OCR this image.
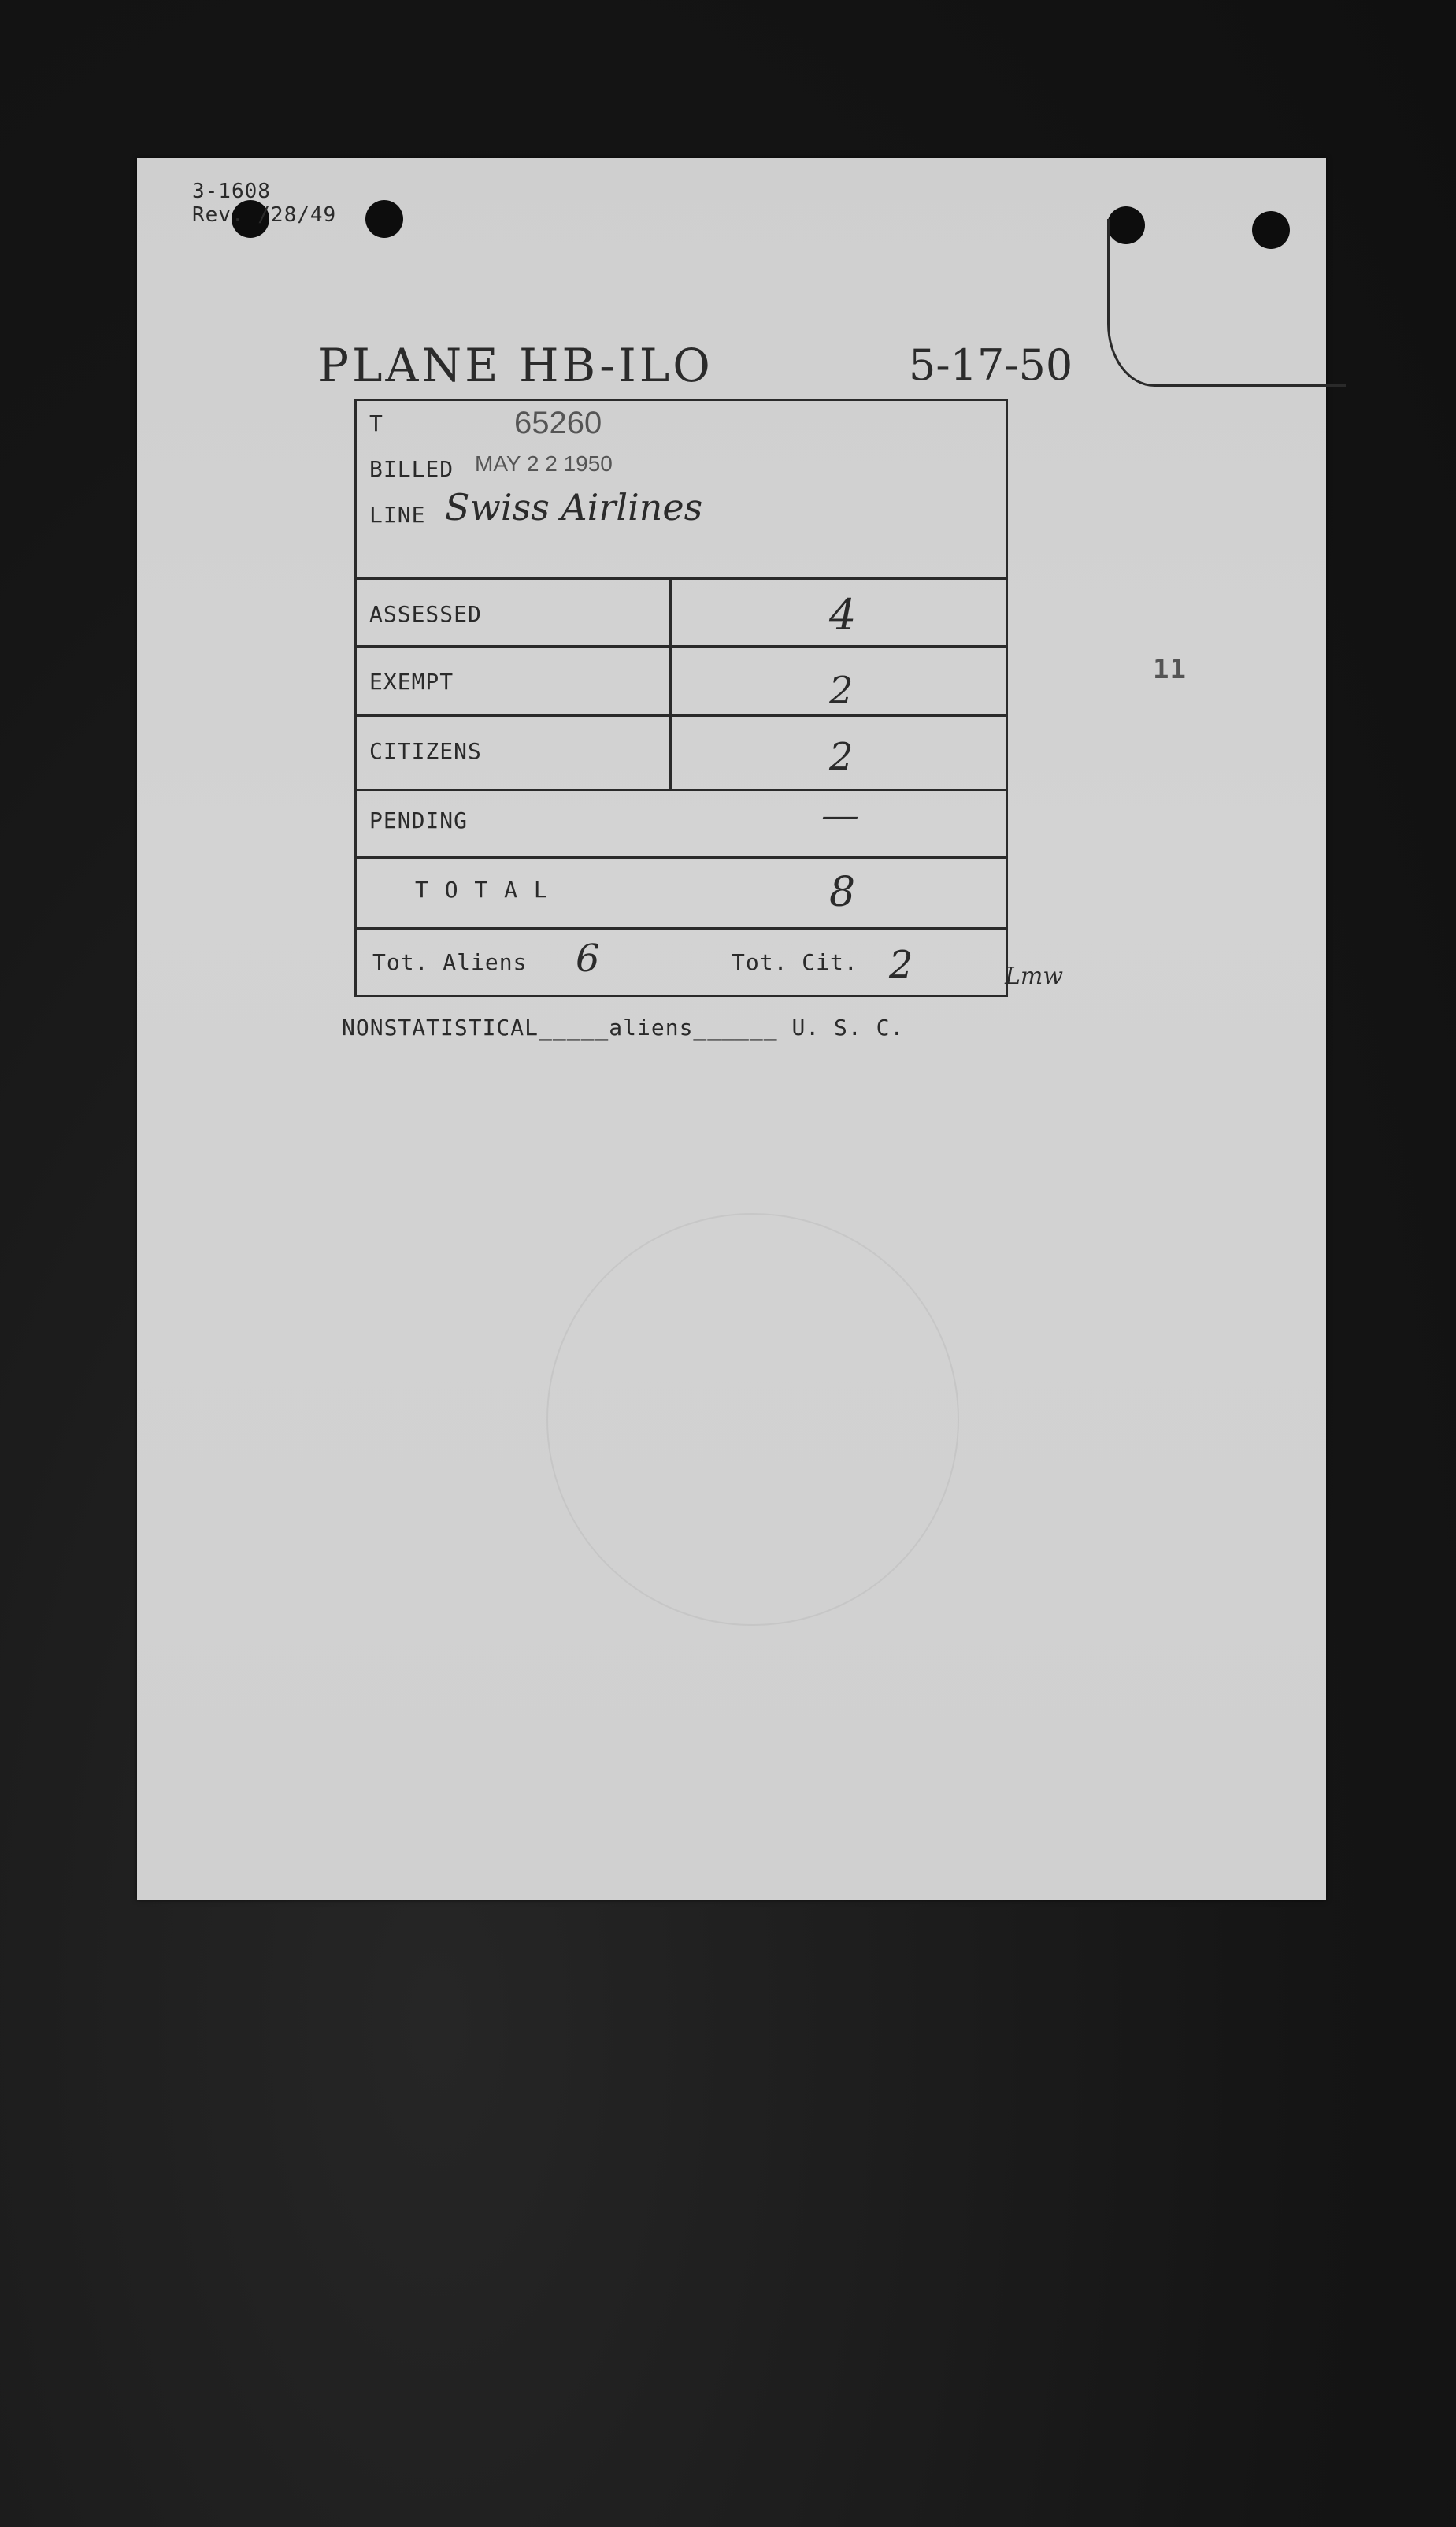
3-1608
Rev. /28/49
PLANE HB-ILO	5-17-50
T	65260
BILLED MAY 2 2 1950
LINE Swiss Airlines
ASSESSED	4
EXEMPT	2
CITIZENS	2
PENDING	—
T O T A L	8
Tot. Aliens 6	Tot. Cit. 2	Lmw
11
NONSTATISTICAL_____aliens______ U. S. C.
